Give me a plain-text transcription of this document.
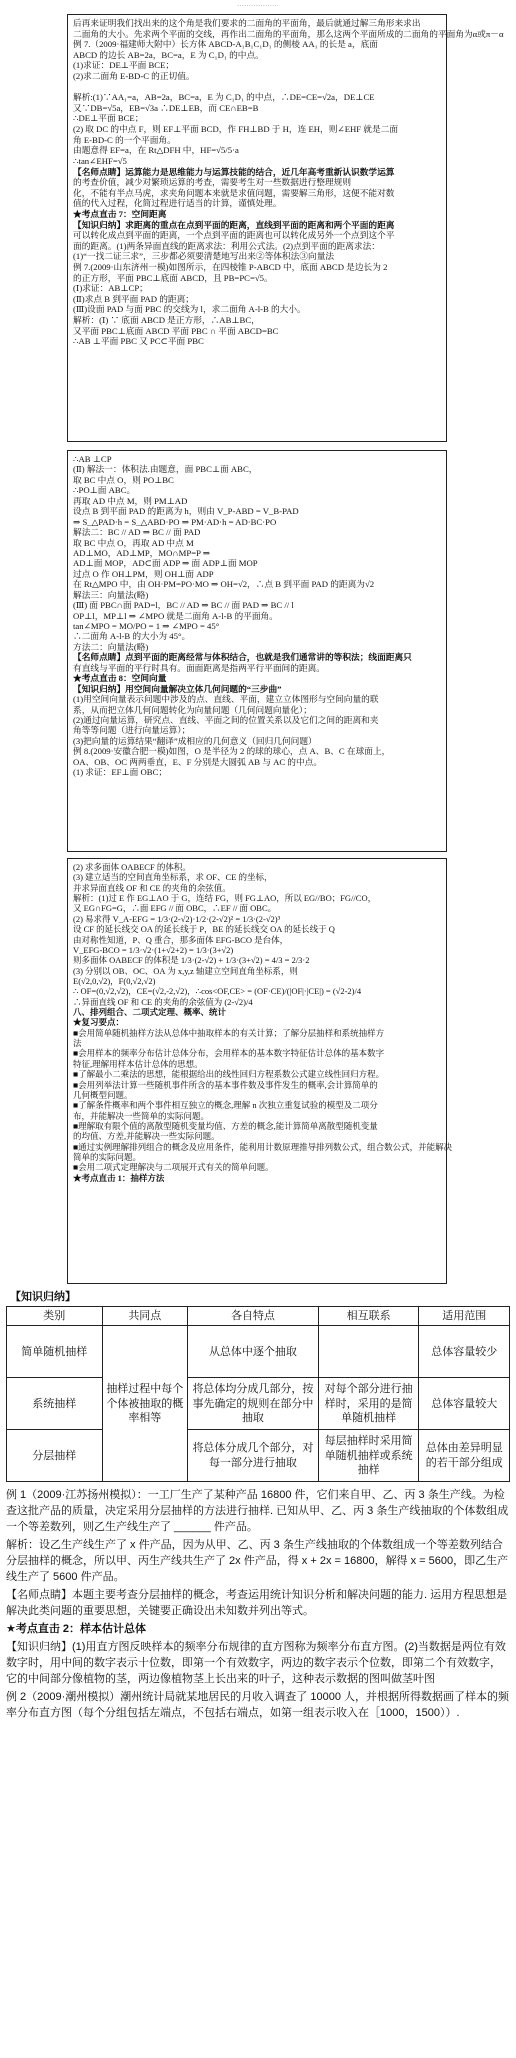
………………
后再来证明我们找出来的这个角是我们要求的二面角的平面角，最后就通过解三角形来求出
二面角的大小。先求两个平面的交线，再作出二面角的平面角，那么这两个平面所成的二面角的平面角为α或π－α
例 7.（2009·福建师大附中）长方体 ABCD-A₁B₁C₁D₁ 的侧棱 AA₁ 的长是 a，底面
ABCD 的边长 AB=2a，BC=a，E 为 C₁D₁ 的中点。
(1)求证：DE⊥平面 BCE；
(2)求二面角 E-BD-C 的正切值。

解析:(1)∵AA₁=a，AB=2a，BC=a，E 为 C₁D₁ 的中点，∴DE=CE=√2a，DE⊥CE
又∵DB=√5a，EB=√3a ∴DE⊥EB，而 CE∩EB=B
∴DE⊥平面 BCE；
(2) 取 DC 的中点 F，则 EF⊥平面 BCD，作 FH⊥BD 于 H，连 EH，则∠EHF 就是二面
角 E-BD-C 的一个平面角。
由题意得 EF=a，在 Rt△DFH 中，HF=√5/5·a
∴tan∠EHF=√5
【名师点睛】运算能力是思维能力与运算技能的结合，近几年高考重新认识数学运算
的考查价值，减少对繁琐运算的考查，需要考生对一些数据进行整理规则
化，不能有半点马虎，求夹角问题本来就是求值问题，需要解三角形，这便不能对数
值的代入过程，化简过程进行适当的计算，谨慎处理。
★考点直击 7：空间距离
【知识归纳】求距离的重点在点到平面的距离，直线到平面的距离和两个平面的距离
可以转化成点到平面的距离，一个点到平面的距离也可以转化成另外一个点到这个平
面的距离。(1)两条异面直线的距离求法：利用公式法。(2)点到平面的距离求法：
(1)“一找二证三求”，三步都必须要清楚地写出来②等体积法③向量法
例 7.(2009·山东济州一模)如图所示，在四棱锥 P-ABCD 中，底面 ABCD 是边长为 2
的正方形，平面 PBC⊥底面 ABCD，且 PB=PC=√5。
(Ⅰ)求证：AB⊥CP；
(Ⅱ)求点 B 到平面 PAD 的距离；
(Ⅲ)设面 PAD 与面 PBC 的交线为 l，求二面角 A-l-B 的大小。
解析：(Ⅰ) ∵ 底面 ABCD 是正方形，∴AB⊥BC，
又平面 PBC⊥底面 ABCD 平面 PBC ∩ 平面 ABCD=BC
∴AB ⊥平面 PBC 又 PC⊂平面 PBC
∴AB ⊥CP
(Ⅱ) 解法一：体积法.由题意，面 PBC⊥面 ABC，
取 BC 中点 O，则 PO⊥BC
∴PO⊥面 ABC。
再取 AD 中点 M，则 PM⊥AD
设点 B 到平面 PAD 的距离为 h，则由 V_P-ABD = V_B-PAD
⇒ S_△PAD·h = S_△ABD·PO ⇒ PM·AD·h = AD·BC·PO
解法二：BC // AD ⇒ BC // 面 PAD
取 BC 中点 O，再取 AD 中点 M
AD⊥MO，AD⊥MP，MO∩MP=P ⇒
AD⊥面 MOP，AD⊂面 ADP ⇒ 面 ADP⊥面 MOP
过点 O 作 OH⊥PM，则 OH⊥面 ADP
在 Rt△MPO 中，由 OH·PM=PO·MO ⇒ OH=√2，∴点 B 到平面 PAD 的距离为√2
解法三：向量法(略)
(Ⅲ) 面 PBC∩面 PAD=l，BC // AD ⇒ BC // 面 PAD ⇒ BC // l
OP⊥l，MP⊥l ⇒ ∠MPO 就是二面角 A-l-B 的平面角。
tan∠MPO = MO/PO = 1 ⇒ ∠MPO = 45°
∴二面角 A-l-B 的大小为 45°。
方法二：向量法(略)
【名师点睛】点到平面的距离经常与体积结合，也就是我们通常讲的等积法；线面距离只
有直线与平面的平行时具有。面面距离是指两平行平面间的距离。
★考点直击 8：空间向量
【知识归纳】用空间向量解决立体几何问题的“三步曲”
(1)用空间向量表示问题中涉及的点、直线、平面，建立立体图形与空间向量的联
系，从而把立体几何问题转化为向量问题（几何问题向量化）；
(2)通过向量运算，研究点、直线、平面之间的位置关系以及它们之间的距离和夹
角等等问题（进行向量运算）；
(3)把向量的运算结果“翻译”成相应的几何意义（回归几何问题）
例 8.(2009·安徽合肥一模)如图，O 是半径为 2 的球的球心，点 A、B、C 在球面上，
OA、OB、OC 两两垂直，E、F 分别是大圆弧 AB 与 AC 的中点。
(1) 求证：EF⊥面 OBC；
(2) 求多面体 OABECF 的体积。
(3) 建立适当的空间直角坐标系，求 OF、CE 的坐标，
并求异面直线 OF 和 CE 的夹角的余弦值。
解析：(1)过 E 作 EG⊥AO 于 G，连结 FG，则 FG⊥AO，所以 EG//BO；FG//CO，
又 EG∩FG=G，∴面 EFG // 面 OBC，∴EF // 面 OBC。
(2) 易求得 V_A-EFG = 1/3·(2-√2)·1/2·(2-√2)² = 1/3·(2-√2)³
设 CF 的延长线交 OA 的延长线于 P，BE 的延长线交 OA 的延长线于 Q
由对称性知道，P、Q 重合，那多面体 EFG-BCO 是台体，
V_EFG-BCO = 1/3·√2·(1+√2+2) = 1/3·(3+√2)
则多面体 OABECF 的体积是 1/3·(2-√2) + 1/3·(3+√2) = 4/3 = 2/3·2
(3) 分别以 OB、OC、OA 为 x,y,z 轴建立空间直角坐标系，则
E(√2,0,√2)，F(0,√2,√2)
∴ OF=(0,√2,√2)，CE=(√2,-2,√2)，∴cos<OF,CE> = (OF·CE)/(|OF|·|CE|) = (√2-2)/4
∴异面直线 OF 和 CE 的夹角的余弦值为 (2-√2)/4
八、排列组合、二项式定理、概率、统计
★复习要点：
■会用简单随机抽样方法从总体中抽取样本的有关计算；了解分层抽样和系统抽样方
法
■会用样本的频率分布估计总体分布，会用样本的基本数字特征估计总体的基本数字
特征,理解用样本估计总体的思想。
■了解最小二乘法的思想，能根据给出的线性回归方程系数公式建立线性回归方程。
■会用列举法计算一些随机事件所含的基本事件数及事件发生的概率,会计算简单的
几何概型问题。
■了解条件概率和两个事件相互独立的概念,理解 n 次独立重复试验的模型及二项分
布，并能解决一些简单的实际问题。
■理解取有限个值的离散型随机变量均值、方差的概念,能计算简单离散型随机变量
的均值、方差,并能解决一些实际问题。
■通过实例理解排列组合的概念及应用条件，能利用计数原理推导排列数公式，组合数公式，并能解决
简单的实际问题。
■会用二项式定理解决与二项展开式有关的简单问题。
★考点直击 1：抽样方法
【知识归纳】
类别	共同点	各自特点	相互联系	适用范围
简单随机抽样	抽样过程中每个个体被抽取的概率相等	从总体中逐个抽取		总体容量较少
系统抽样		将总体均分成几部分，按事先确定的规则在部分中抽取	对每个部分进行抽样时，采用的是简单随机抽样	总体容量较大
分层抽样		将总体分成几个部分，对每一部分进行抽取	每层抽样时采用简单随机抽样或系统抽样	总体由差异明显的若干部分组成
例 1（2009·江苏扬州模拟）：一工厂生产了某种产品 16800 件，它们来自甲、乙、丙 3 条生产线。为检查这批产品的质量，决定采用分层抽样的方法进行抽样. 已知从甲、乙、丙 3 条生产线抽取的个体数组成一个等差数列，则乙生产线生产了 ______ 件产品。
解析：设乙生产线生产了 x 件产品，因为从甲、乙、丙 3 条生产线抽取的个体数组成一个等差数列结合分层抽样的概念，所以甲、丙生产线共生产了 2x 件产品，得 x + 2x = 16800，解得 x = 5600，即乙生产线生产了 5600 件产品。
【名师点睛】本题主要考查分层抽样的概念，考查运用统计知识分析和解决问题的能力. 运用方程思想是解决此类问题的重要思想，关键要正确设出未知数并列出等式。
★考点直击 2：样本估计总体
【知识归纳】(1)用直方图反映样本的频率分布规律的直方图称为频率分布直方图。(2)当数据是两位有效数字时，用中间的数字表示十位数，即第一个有效数字，两边的数字表示个位数，即第二个有效数字，它的中间部分像植物的茎，两边像植物茎上长出来的叶子，这种表示数据的图叫做茎叶图
例 2（2009·潮州模拟）潮州统计局就某地居民的月收入调查了 10000 人，并根据所得数据画了样本的频率分布直方图（每个分组包括左端点，不包括右端点，如第一组表示收入在［1000，1500））.
